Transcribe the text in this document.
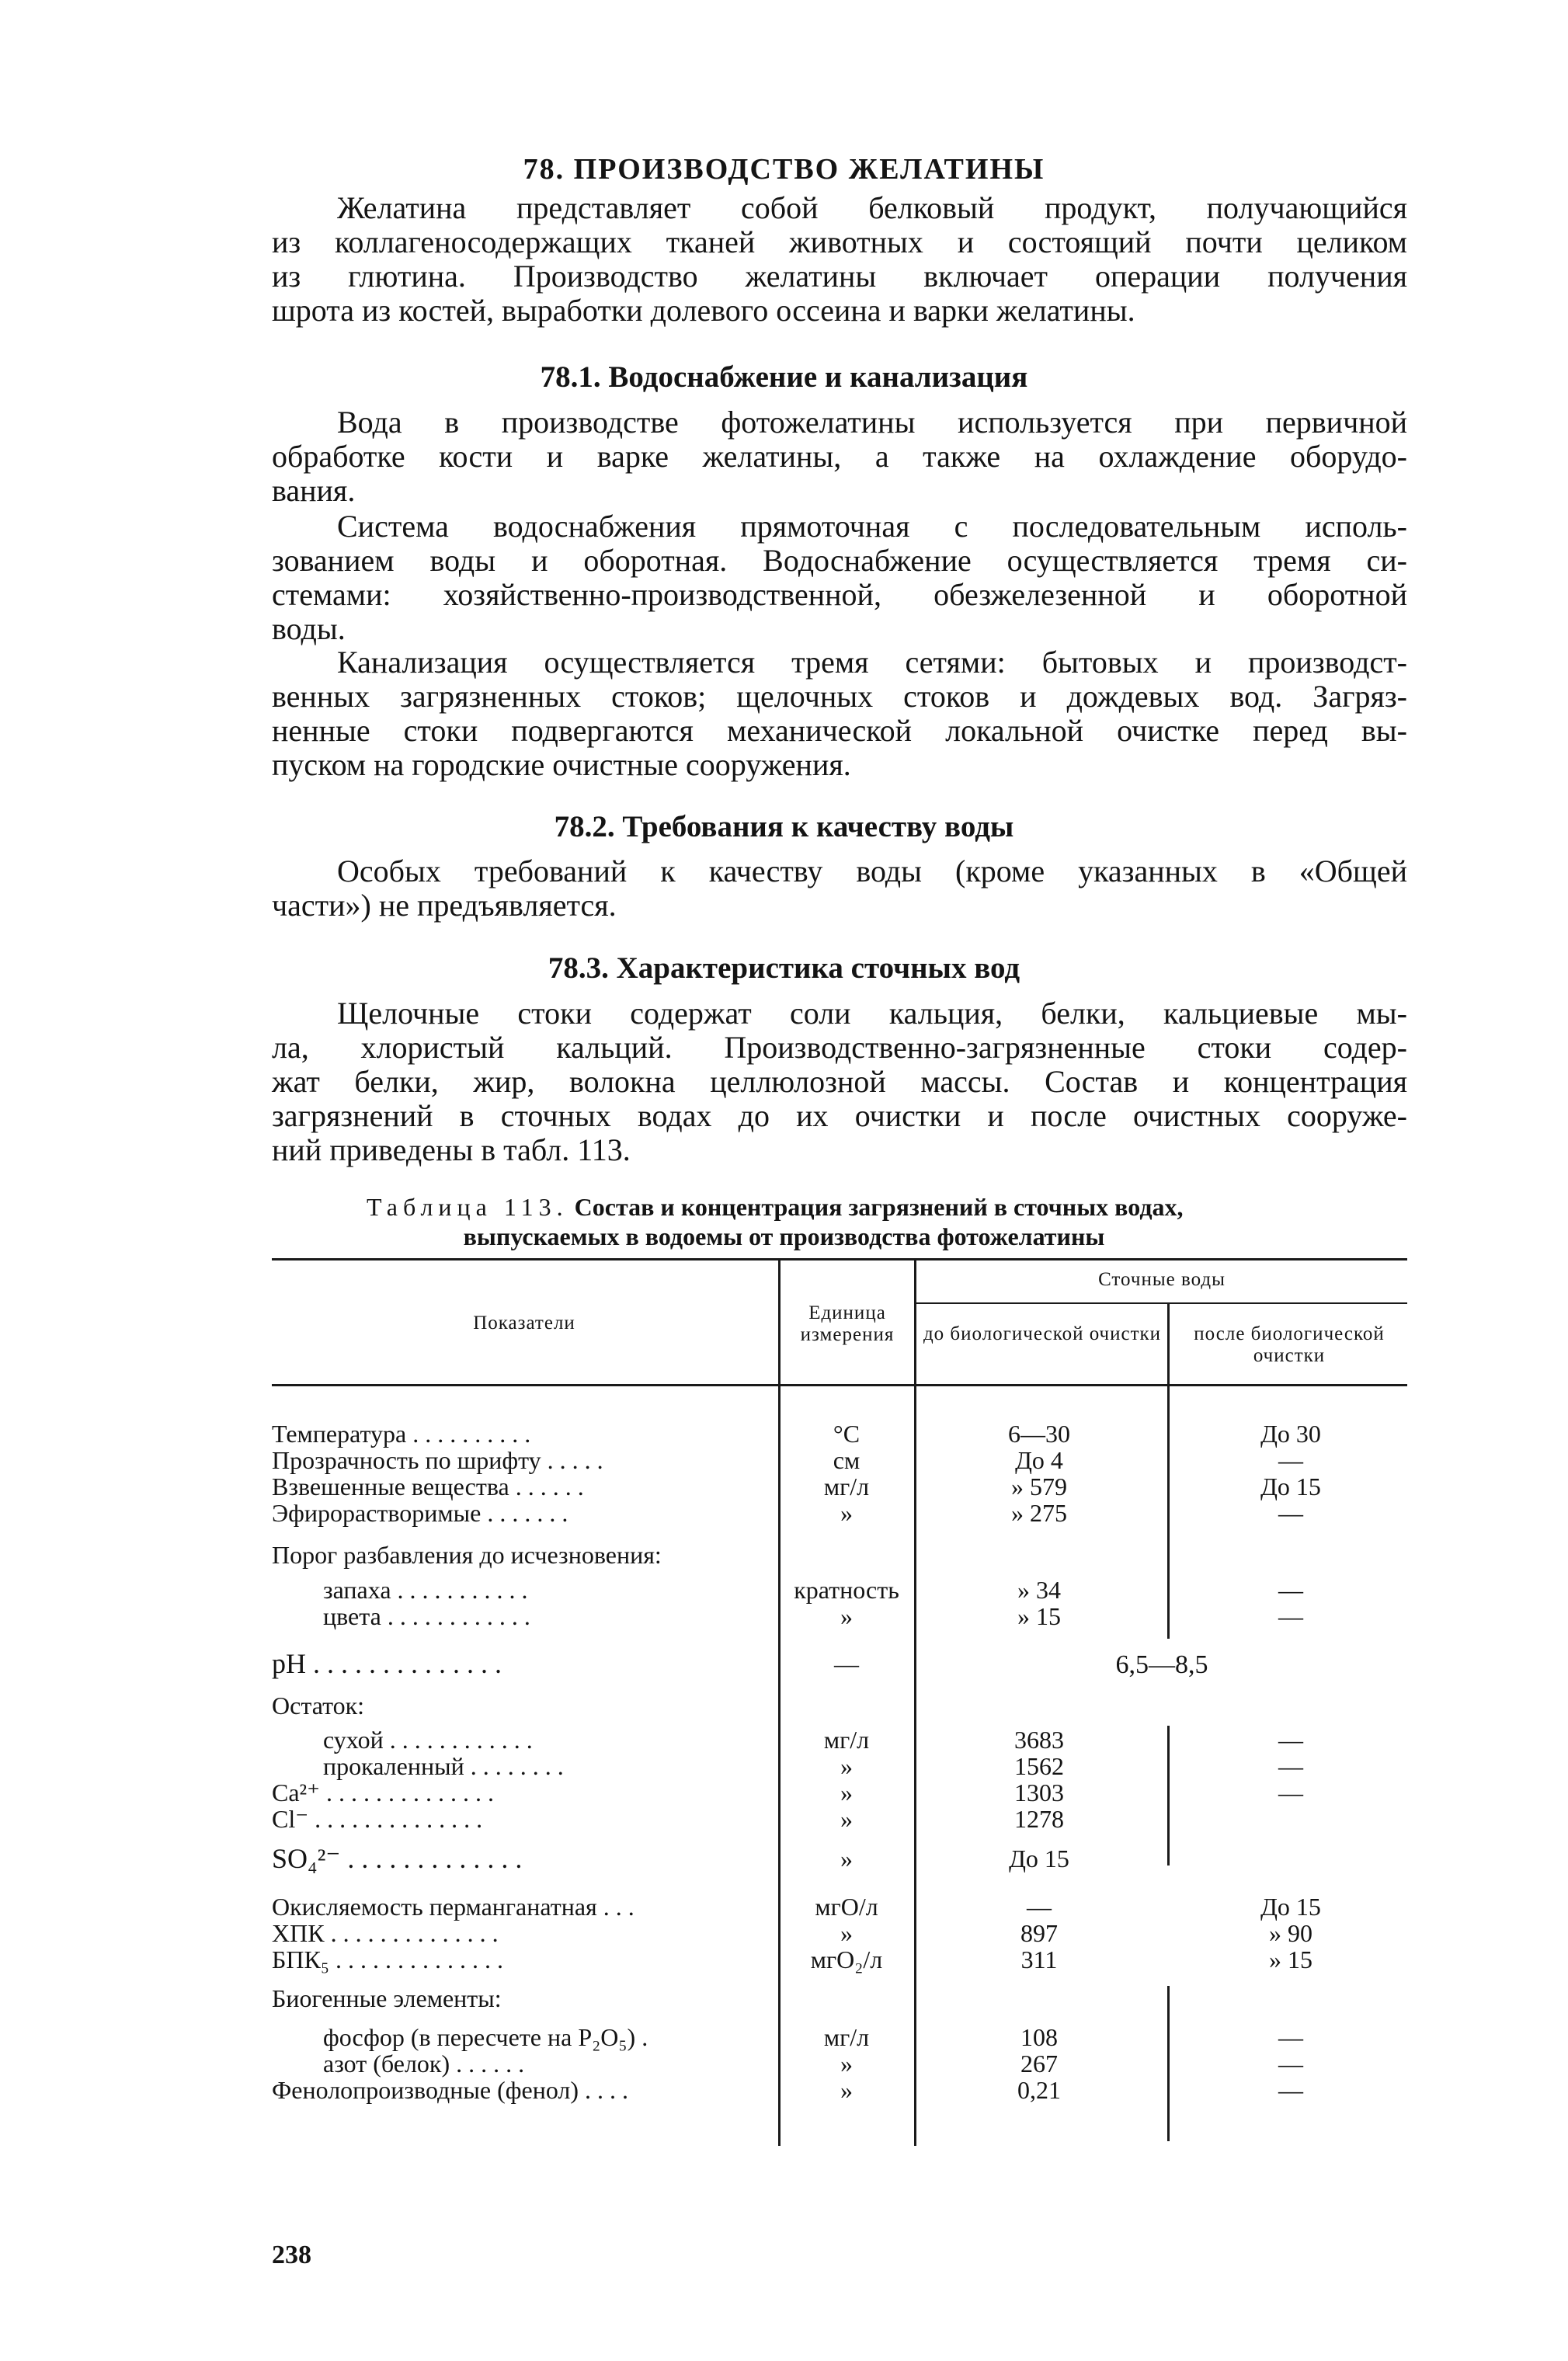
78. ПРОИЗВОДСТВО ЖЕЛАТИНЫ
Желатина представляет собой белковый продукт, получающийся
из коллагеносодержащих тканей животных и состоящий почти целиком
из глютина. Производство желатины включает операции получения
шрота из костей, выработки долевого оссеина и варки желатины.
78.1. Водоснабжение и канализация
Вода в производстве фотожелатины используется при первичной
обработке кости и варке желатины, а также на охлаждение оборудо-
вания.
Система водоснабжения прямоточная с последовательным исполь-
зованием воды и оборотная. Водоснабжение осуществляется тремя си-
стемами: хозяйственно-производственной, обезжелезенной и оборотной
воды.
Канализация осуществляется тремя сетями: бытовых и производст-
венных загрязненных стоков; щелочных стоков и дождевых вод. Загряз-
ненные стоки подвергаются механической локальной очистке перед вы-
пуском на городские очистные сооружения.
78.2. Требования к качеству воды
Особых требований к качеству воды (кроме указанных в «Общей
части») не предъявляется.
78.3. Характеристика сточных вод
Щелочные стоки содержат соли кальция, белки, кальциевые мы-
ла, хлористый кальций. Производственно-загрязненные стоки содер-
жат белки, жир, волокна целлюлозной массы. Состав и концентрация
загрязнений в сточных водах до их очистки и после очистных сооруже-
ний приведены в табл. 113.
Таблица 113. Состав и концентрация загрязнений в сточных водах,
выпускаемых в водоемы от производства фотожелатины
Показатели	Единица измерения
Сточные воды
до биологической очистки	после биологической очистки
Температура . . . . . . . . . .	°С	6—30	До 30
Прозрачность по шрифту . . . . .	см	До 4	—
Взвешенные вещества . . . . . .	мг/л	» 579	До 15
Эфирорастворимые . . . . . . .	»	» 275	—
Порог разбавления до исчезновения:
запаха . . . . . . . . . . .	кратность	» 34	—
цвета . . . . . . . . . . . .	»	» 15	—
pH . . . . . . . . . . . . . .	—	6,5—8,5
Остаток:
сухой . . . . . . . . . . . .	мг/л	3683	—
прокаленный . . . . . . . .	»	1562	—
Ca²⁺ . . . . . . . . . . . . . .	»	1303	—
Cl⁻ . . . . . . . . . . . . . .	»	1278
SO₄²⁻ . . . . . . . . . . . . .	»	До 15
Окисляемость перманганатная . . .	мгО/л	—	До 15
ХПК . . . . . . . . . . . . . .	»	897	» 90
БПК₅ . . . . . . . . . . . . . .	мгО₂/л	311	» 15
Биогенные элементы:
фосфор (в пересчете на P₂O₅) .	мг/л	108	—
азот (белок) . . . . . .	»	267	—
Фенолопроизводные (фенол) . . . .	»	0,21	—
238
